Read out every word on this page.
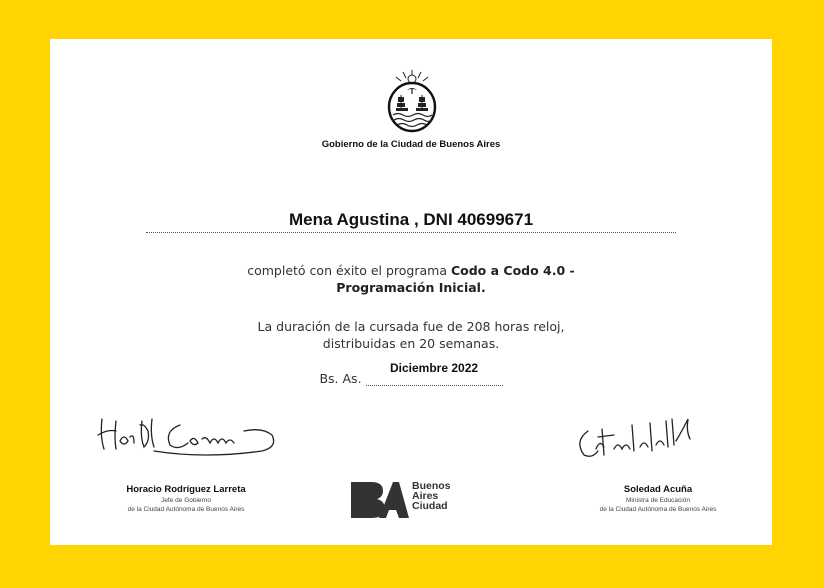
Gobierno de la Ciudad de Buenos Aires
Mena Agustina , DNI 40699671
completó con éxito el programa Codo a Codo 4.0 -
Programación Inicial.
La duración de la cursada fue de 208 horas reloj,
distribuidas en 20 semanas.
Bs. As.
Diciembre 2022
Horacio Rodríguez Larreta
Jefe de Gobierno
de la Ciudad Autónoma de Buenos Aires
Buenos
Aires
Ciudad
Soledad Acuña
Ministra de Educación
de la Ciudad Autónoma de Buenos Aires
